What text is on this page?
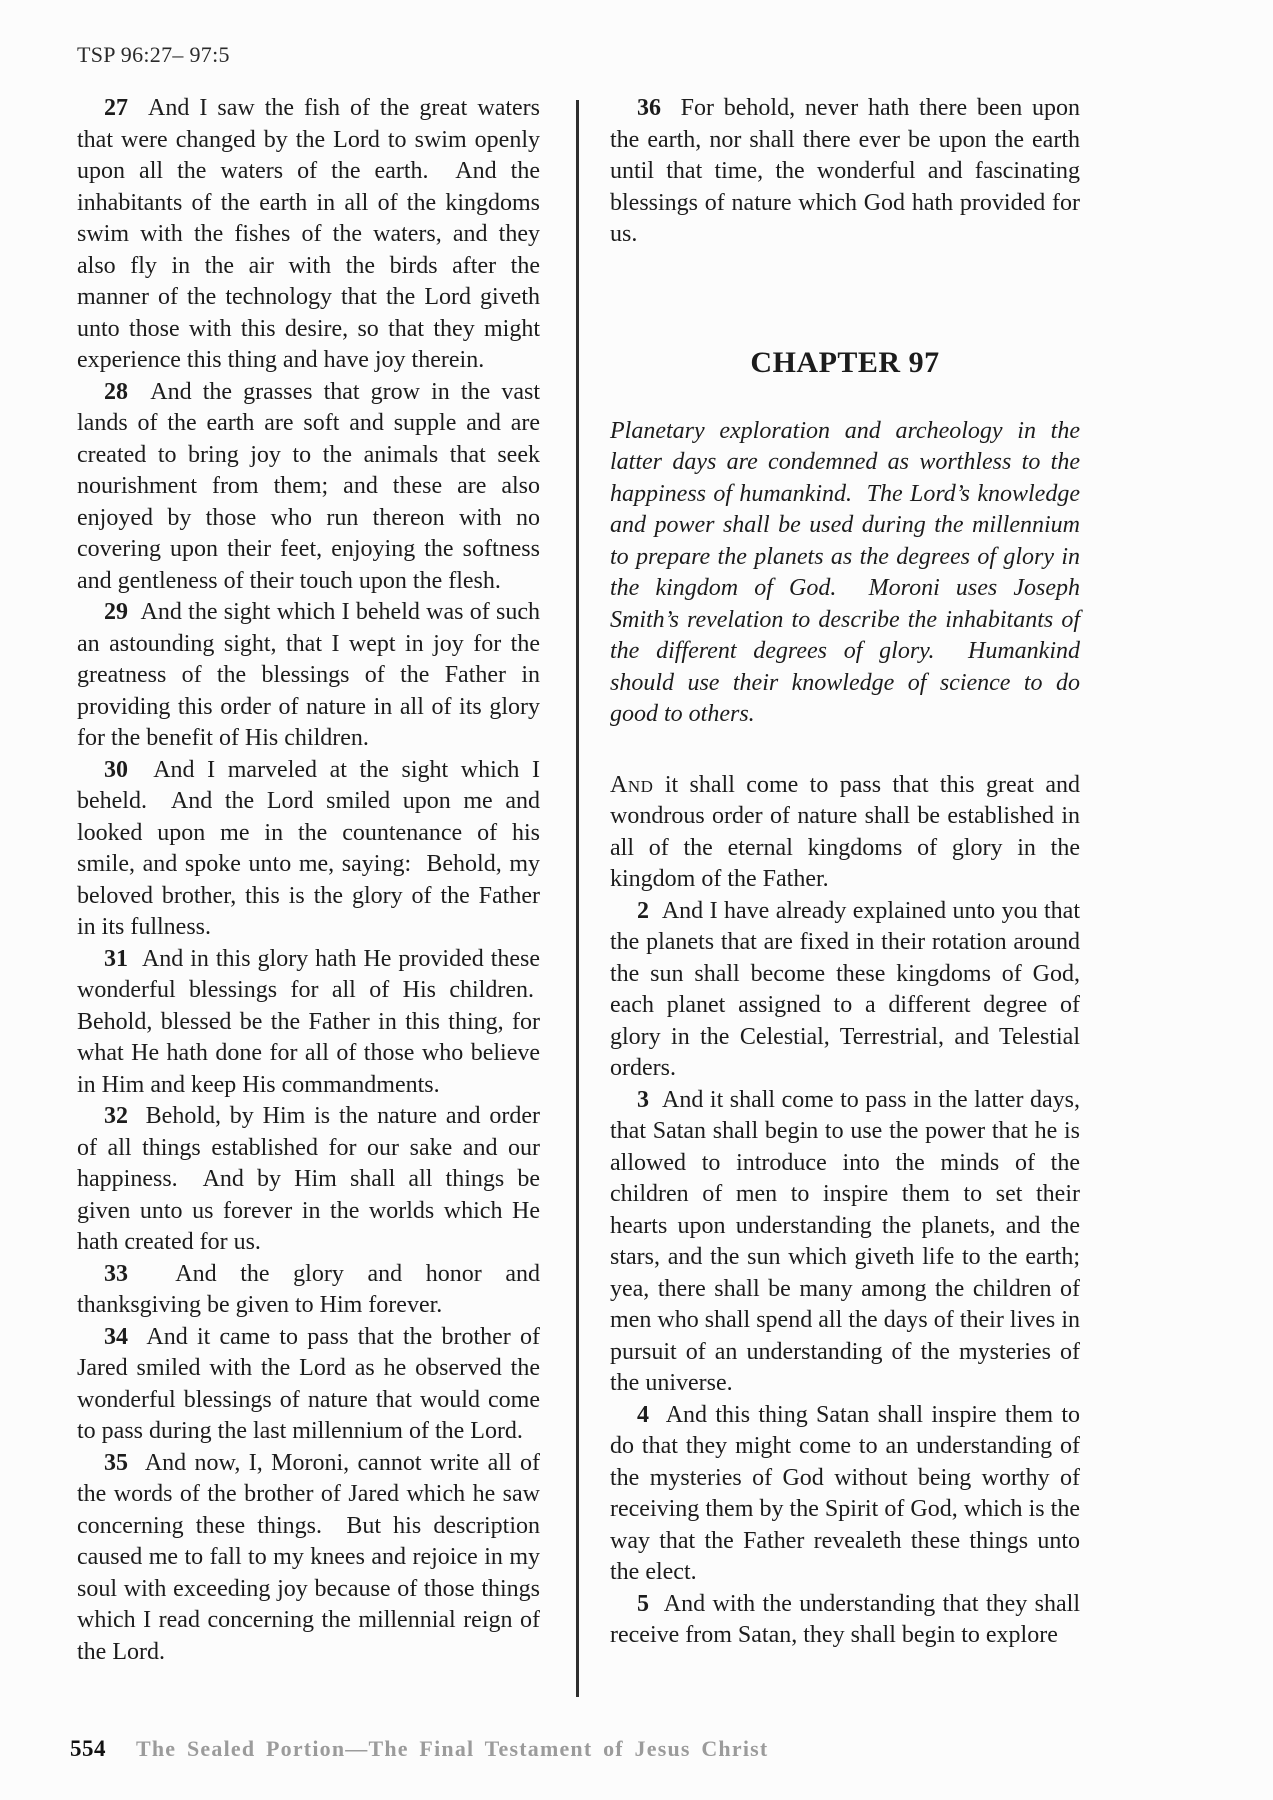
TSP 96:27– 97:5

27 And I saw the fish of the great waters that were changed by the Lord to swim openly upon all the waters of the earth.  And the inhabitants of the earth in all of the kingdoms swim with the fishes of the waters, and they also fly in the air with the birds after the manner of the technology that the Lord giveth unto those with this desire, so that they might experience this thing and have joy therein.

28 And the grasses that grow in the vast lands of the earth are soft and supple and are created to bring joy to the animals that seek nourishment from them; and these are also enjoyed by those who run thereon with no covering upon their feet, enjoying the softness and gentleness of their touch upon the flesh.

29 And the sight which I beheld was of such an astounding sight, that I wept in joy for the greatness of the blessings of the Father in providing this order of nature in all of its glory for the benefit of His children.

30 And I marveled at the sight which I beheld.  And the Lord smiled upon me and looked upon me in the countenance of his smile, and spoke unto me, saying:  Behold, my beloved brother, this is the glory of the Father in its fullness.

31 And in this glory hath He provided these wonderful blessings for all of His children.  Behold, blessed be the Father in this thing, for what He hath done for all of those who believe in Him and keep His commandments.

32 Behold, by Him is the nature and order of all things established for our sake and our happiness.  And by Him shall all things be given unto us forever in the worlds which He hath created for us.

33 And the glory and honor and thanksgiving be given to Him forever.

34 And it came to pass that the brother of Jared smiled with the Lord as he observed the wonderful blessings of nature that would come to pass during the last millennium of the Lord.

35 And now, I, Moroni, cannot write all of the words of the brother of Jared which he saw concerning these things.  But his description caused me to fall to my knees and rejoice in my soul with exceeding joy because of those things which I read concerning the millennial reign of the Lord.

36 For behold, never hath there been upon the earth, nor shall there ever be upon the earth until that time, the wonderful and fascinating blessings of nature which God hath provided for us.

CHAPTER 97

Planetary exploration and archeology in the latter days are condemned as worthless to the happiness of humankind.  The Lord’s knowledge and power shall be used during the millennium to prepare the planets as the degrees of glory in the kingdom of God.  Moroni uses Joseph Smith’s revelation to describe the inhabitants of the different degrees of glory.  Humankind should use their knowledge of science to do good to others.

And it shall come to pass that this great and wondrous order of nature shall be established in all of the eternal kingdoms of glory in the kingdom of the Father.

2 And I have already explained unto you that the planets that are fixed in their rotation around the sun shall become these kingdoms of God, each planet assigned to a different degree of glory in the Celestial, Terrestrial, and Telestial orders.

3 And it shall come to pass in the latter days, that Satan shall begin to use the power that he is allowed to introduce into the minds of the children of men to inspire them to set their hearts upon understanding the planets, and the stars, and the sun which giveth life to the earth; yea, there shall be many among the children of men who shall spend all the days of their lives in pursuit of an understanding of the mysteries of the universe.

4 And this thing Satan shall inspire them to do that they might come to an understanding of the mysteries of God without being worthy of receiving them by the Spirit of God, which is the way that the Father revealeth these things unto the elect.

5 And with the understanding that they shall receive from Satan, they shall begin to explore

554 The Sealed Portion—The Final Testament of Jesus Christ
